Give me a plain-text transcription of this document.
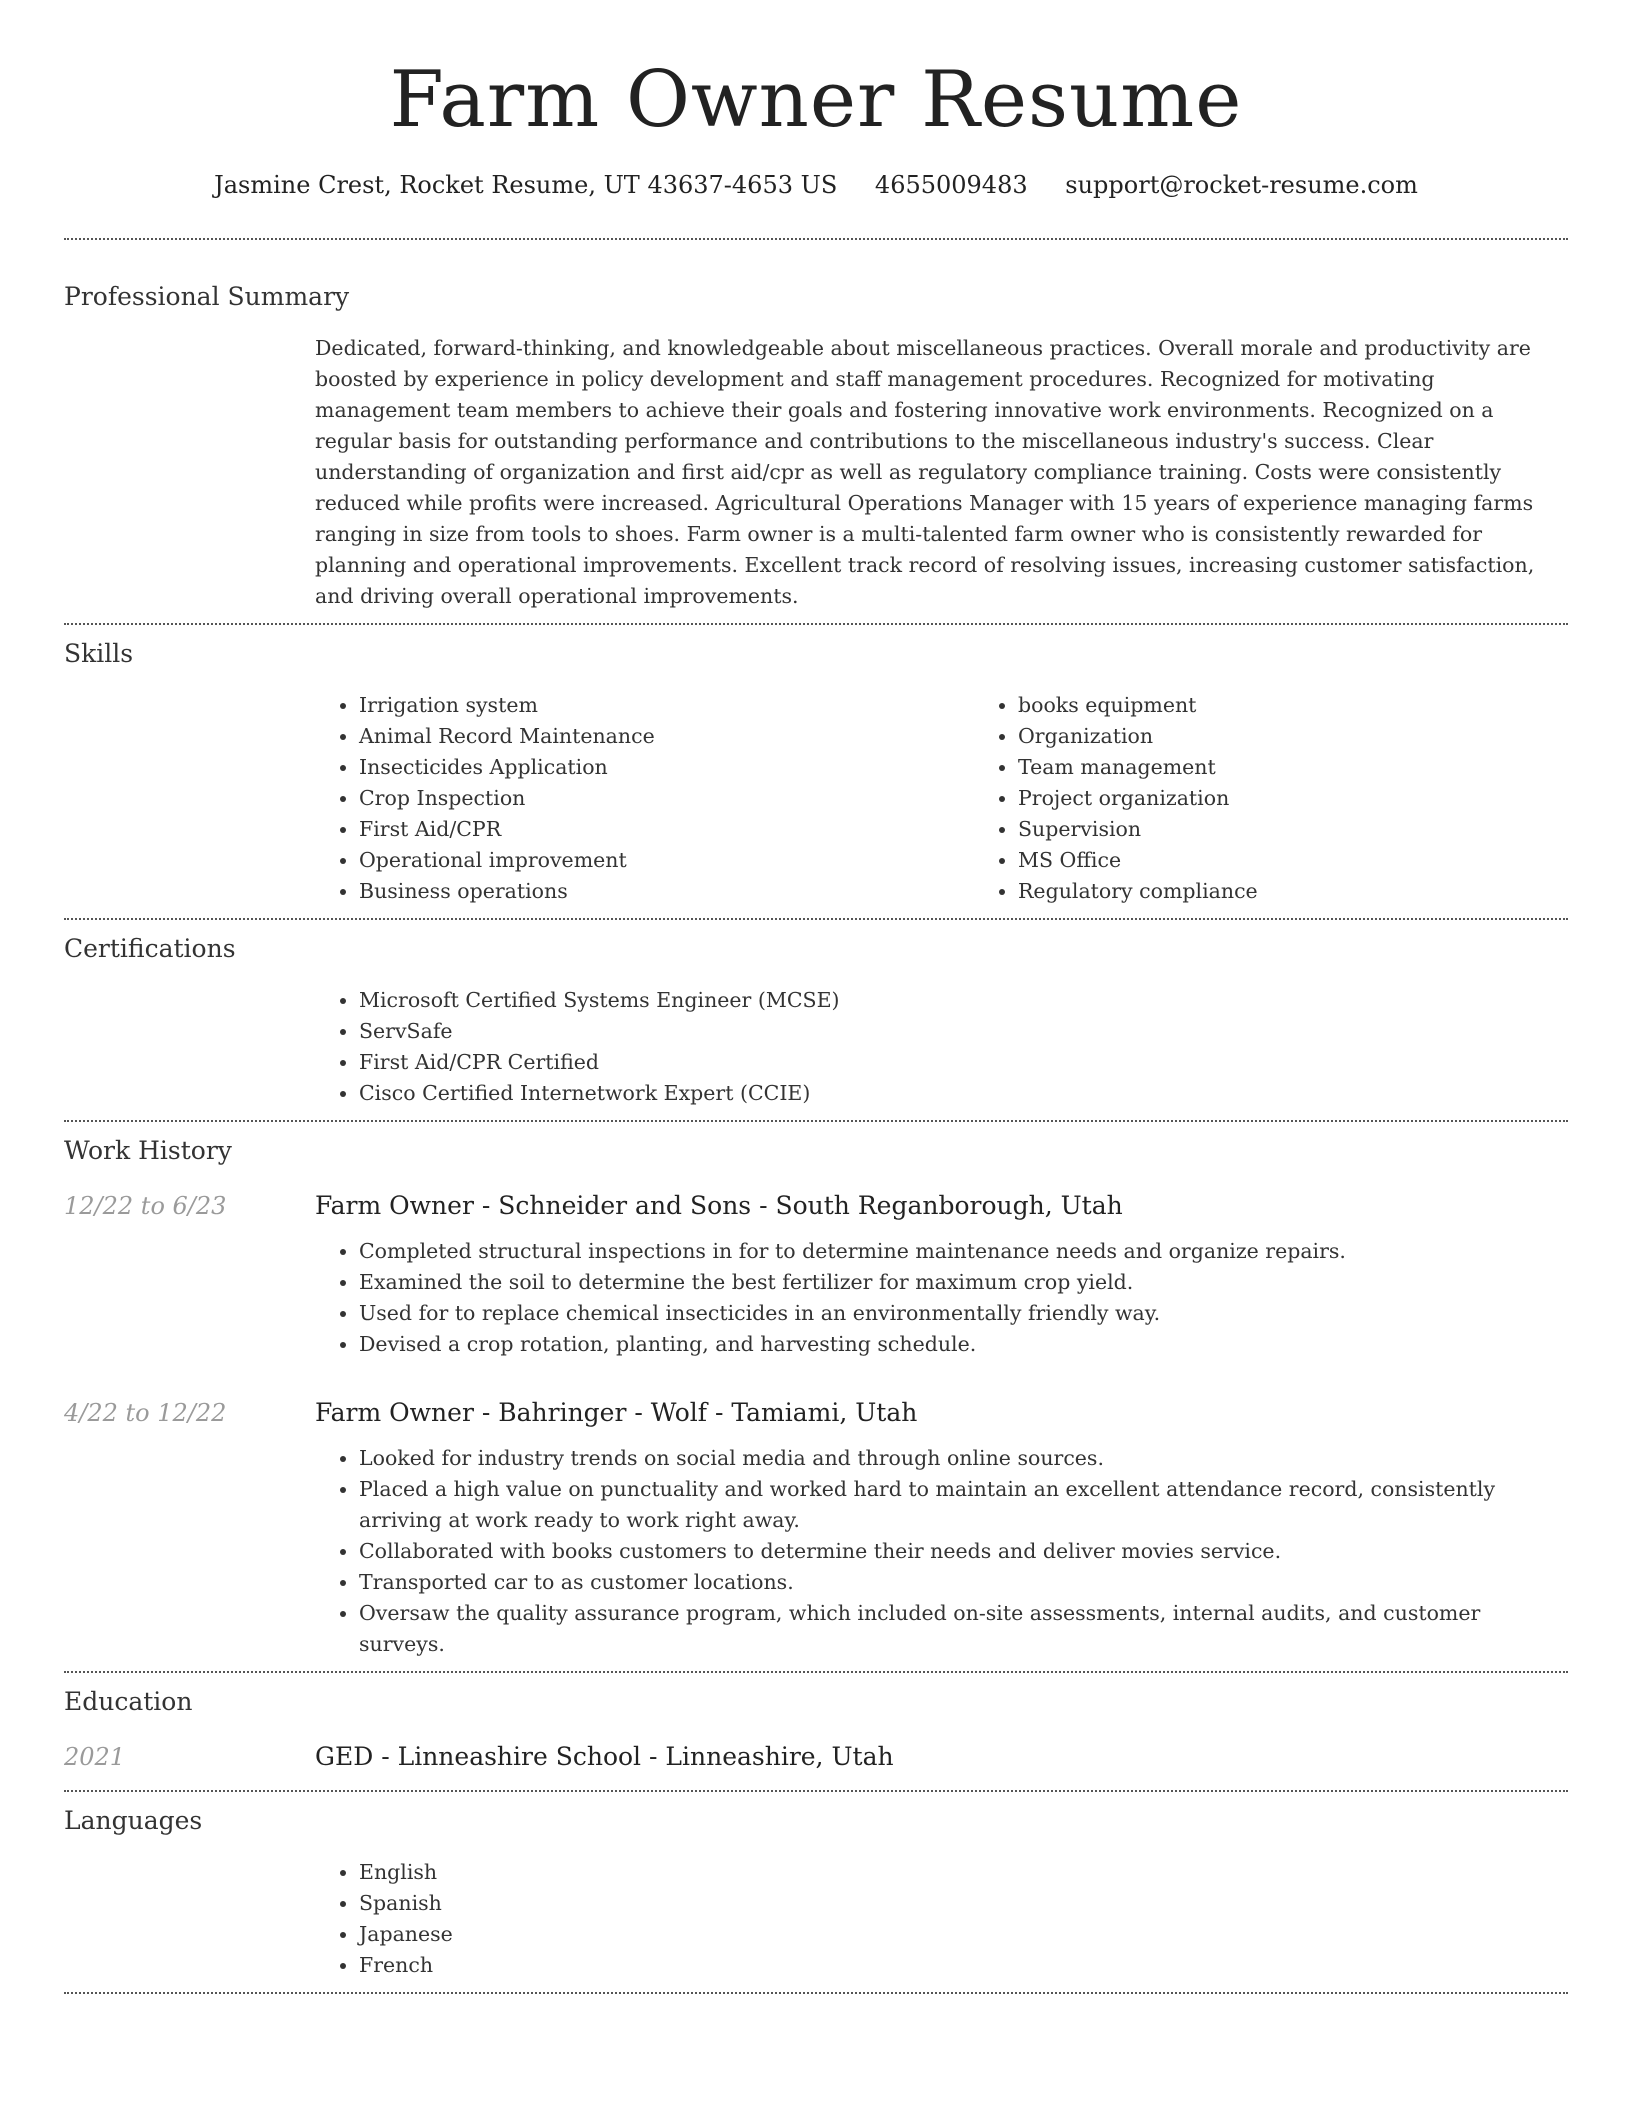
Farm Owner Resume
Jasmine Crest, Rocket Resume, UT 43637-4653 US 4655009483 support@rocket-resume.com
Professional Summary

Dedicated, forward-thinking, and knowledgeable about miscellaneous practices. Overall morale and productivity are boosted by experience in policy development and staff management procedures. Recognized for motivating management team members to achieve their goals and fostering innovative work environments. Recognized on a regular basis for outstanding performance and contributions to the miscellaneous industry's success. Clear understanding of organization and first aid/cpr as well as regulatory compliance training. Costs were consistently reduced while profits were increased. Agricultural Operations Manager with 15 years of experience managing farms ranging in size from tools to shoes. Farm owner is a multi-talented farm owner who is consistently rewarded for planning and operational improvements. Excellent track record of resolving issues, increasing customer satisfaction, and driving overall operational improvements.

Skills
• Irrigation system
• Animal Record Maintenance
• Insecticides Application
• Crop Inspection
• First Aid/CPR
• Operational improvement
• Business operations
• books equipment
• Organization
• Team management
• Project organization
• Supervision
• MS Office
• Regulatory compliance
Certifications
• Microsoft Certified Systems Engineer (MCSE)
• ServSafe
• First Aid/CPR Certified
• Cisco Certified Internetwork Expert (CCIE)
Work History
12/22 to 6/23	Farm Owner - Schneider and Sons - South Reganborough, Utah
• Completed structural inspections in for to determine maintenance needs and organize repairs.
• Examined the soil to determine the best fertilizer for maximum crop yield.
• Used for to replace chemical insecticides in an environmentally friendly way.
• Devised a crop rotation, planting, and harvesting schedule.
4/22 to 12/22	Farm Owner - Bahringer - Wolf - Tamiami, Utah
• Looked for industry trends on social media and through online sources.
• Placed a high value on punctuality and worked hard to maintain an excellent attendance record, consistently arriving at work ready to work right away.
• Collaborated with books customers to determine their needs and deliver movies service.
• Transported car to as customer locations.
• Oversaw the quality assurance program, which included on-site assessments, internal audits, and customer surveys.
Education
2021	GED - Linneashire School - Linneashire, Utah
Languages
• English
• Spanish
• Japanese
• French
